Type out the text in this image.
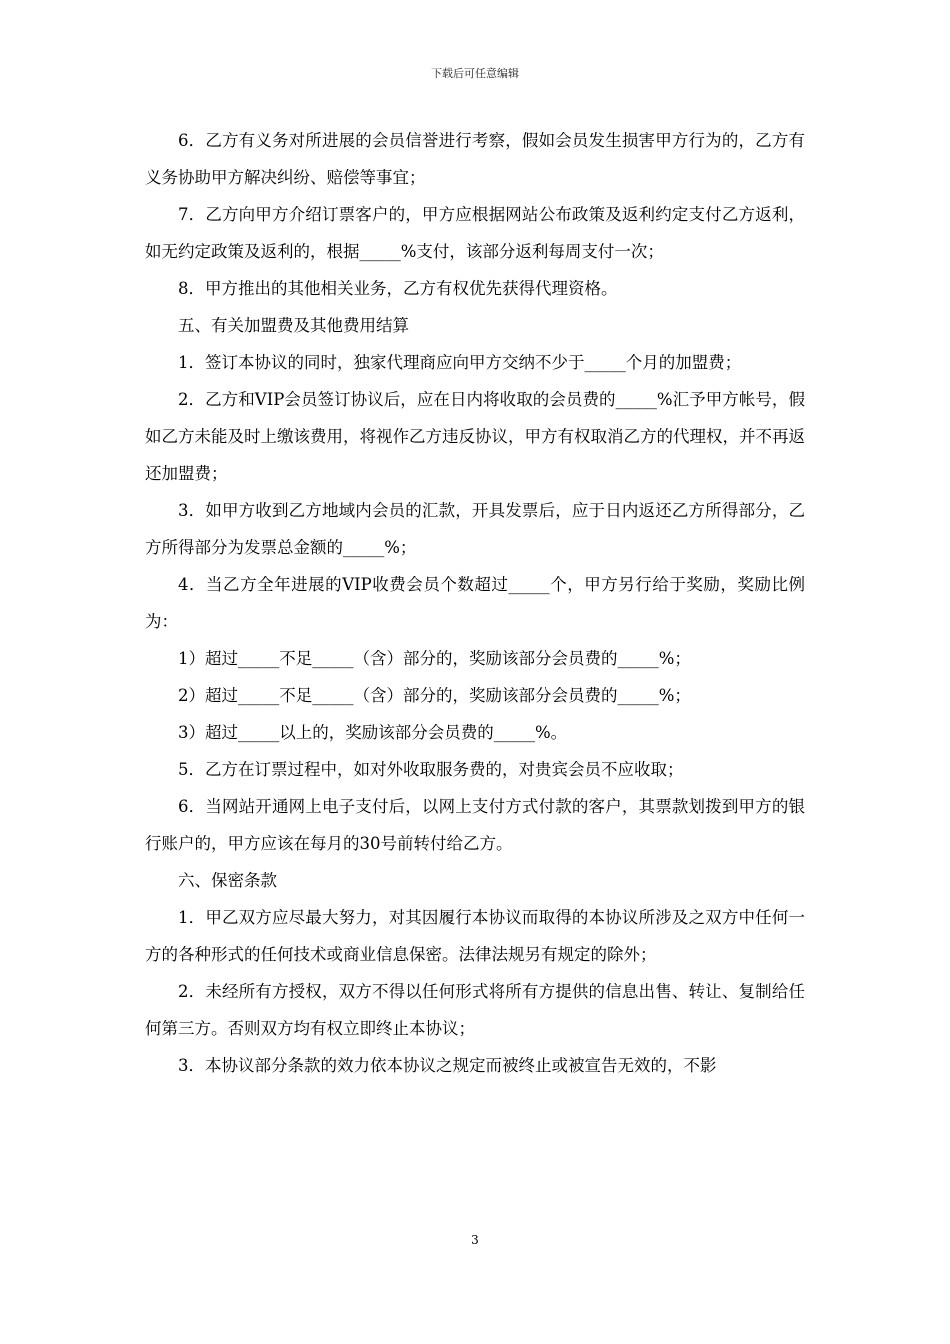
下载后可任意编辑

6．乙方有义务对所进展的会员信誉进行考察，假如会员发生损害甲方行为的，乙方有义务协助甲方解决纠纷、赔偿等事宜；

7．乙方向甲方介绍订票客户的，甲方应根据网站公布政策及返利约定支付乙方返利，如无约定政策及返利的，根据_____%支付，该部分返利每周支付一次；

8．甲方推出的其他相关业务，乙方有权优先获得代理资格。

五、有关加盟费及其他费用结算

1．签订本协议的同时，独家代理商应向甲方交纳不少于_____个月的加盟费；

2．乙方和VIP会员签订协议后，应在日内将收取的会员费的_____%汇予甲方帐号，假如乙方未能及时上缴该费用，将视作乙方违反协议，甲方有权取消乙方的代理权，并不再返还加盟费；

3．如甲方收到乙方地域内会员的汇款，开具发票后，应于日内返还乙方所得部分，乙方所得部分为发票总金额的_____%；

4．当乙方全年进展的VIP收费会员个数超过_____个，甲方另行给于奖励，奖励比例为：

1）超过_____不足_____（含）部分的，奖励该部分会员费的_____%；

2）超过_____不足_____（含）部分的，奖励该部分会员费的_____%；

3）超过_____以上的，奖励该部分会员费的_____%。

5．乙方在订票过程中，如对外收取服务费的，对贵宾会员不应收取；

6．当网站开通网上电子支付后，以网上支付方式付款的客户，其票款划拨到甲方的银行账户的，甲方应该在每月的30号前转付给乙方。

六、保密条款

1．甲乙双方应尽最大努力，对其因履行本协议而取得的本协议所涉及之双方中任何一方的各种形式的任何技术或商业信息保密。法律法规另有规定的除外；

2．未经所有方授权，双方不得以任何形式将所有方提供的信息出售、转让、复制给任何第三方。否则双方均有权立即终止本协议；

3．本协议部分条款的效力依本协议之规定而被终止或被宣告无效的，不影

3
